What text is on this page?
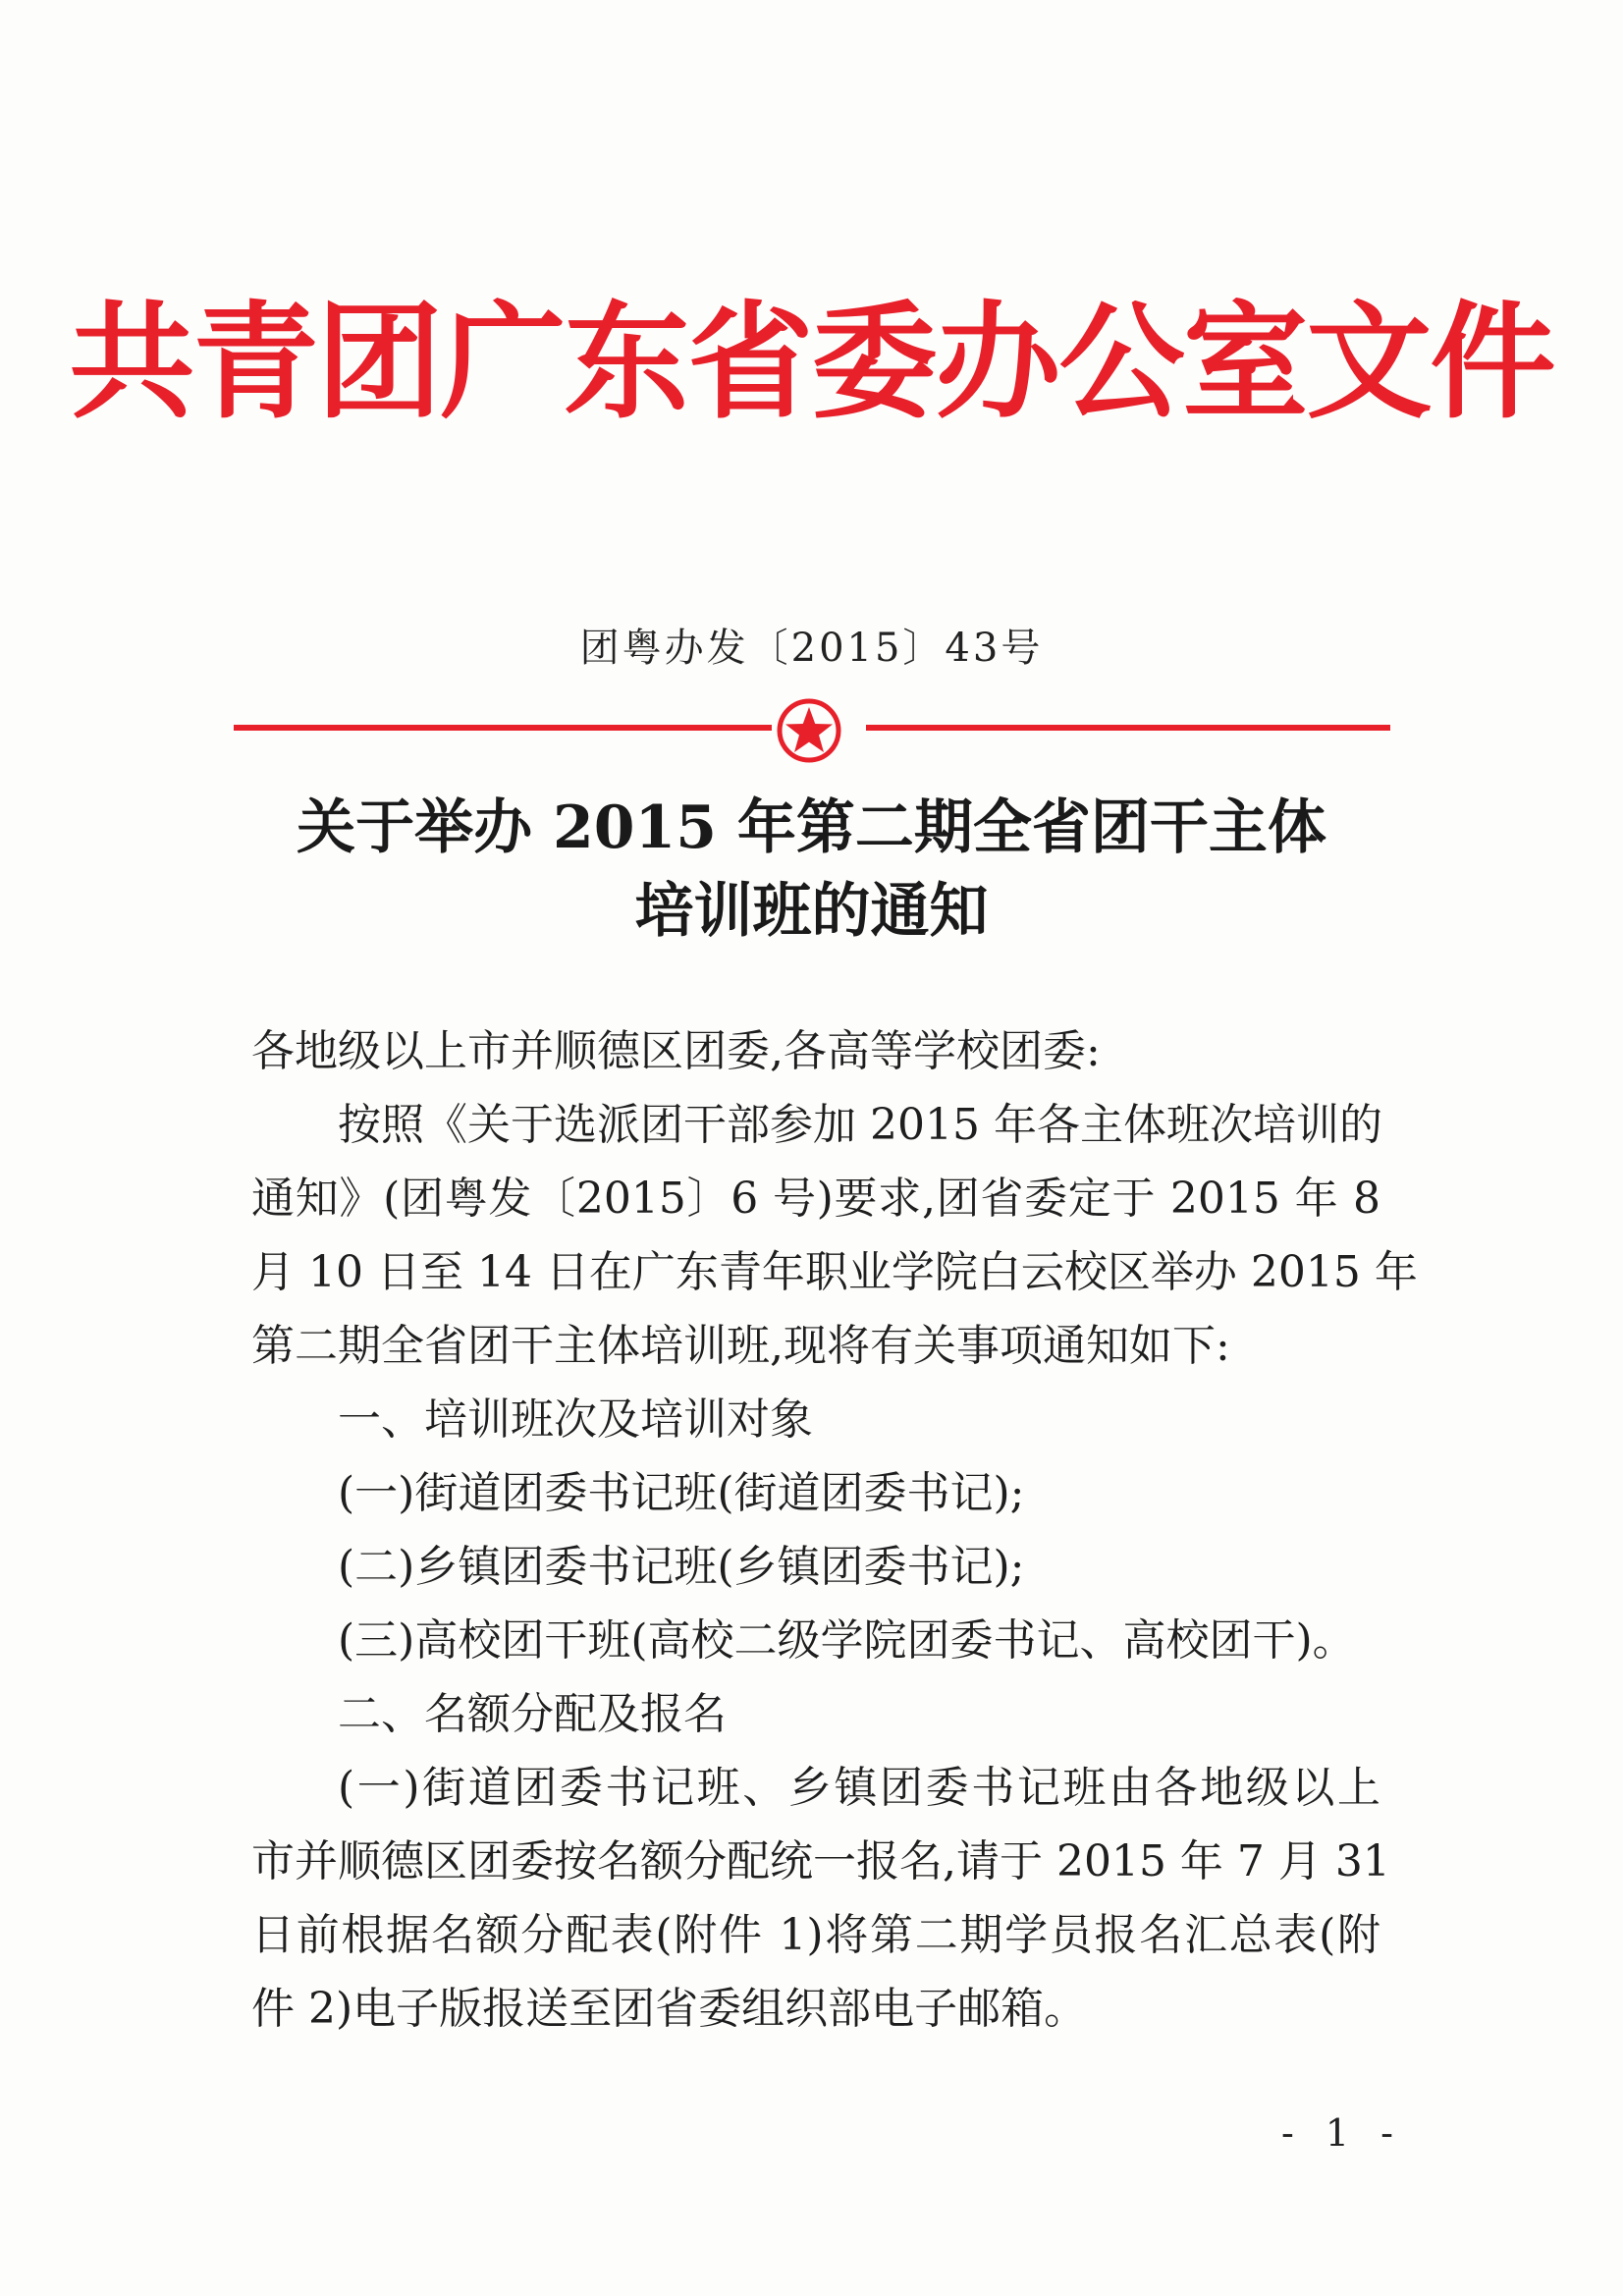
共青团广东省委办公室文件
团粤办发〔2015〕43号
关于举办 2015 年第二期全省团干主体
培训班的通知
各地级以上市并顺德区团委,各高等学校团委:
按照《关于选派团干部参加 2015 年各主体班次培训的
通知》(团粤发〔2015〕6 号)要求,团省委定于 2015 年 8
月 10 日至 14 日在广东青年职业学院白云校区举办 2015 年
第二期全省团干主体培训班,现将有关事项通知如下:
一、培训班次及培训对象
(一)街道团委书记班(街道团委书记);
(二)乡镇团委书记班(乡镇团委书记);
(三)高校团干班(高校二级学院团委书记、高校团干)。
二、名额分配及报名
(一)街道团委书记班、乡镇团委书记班由各地级以上
市并顺德区团委按名额分配统一报名,请于 2015 年 7 月 31
日前根据名额分配表(附件 1)将第二期学员报名汇总表(附
件 2)电子版报送至团省委组织部电子邮箱。
- 1 -
